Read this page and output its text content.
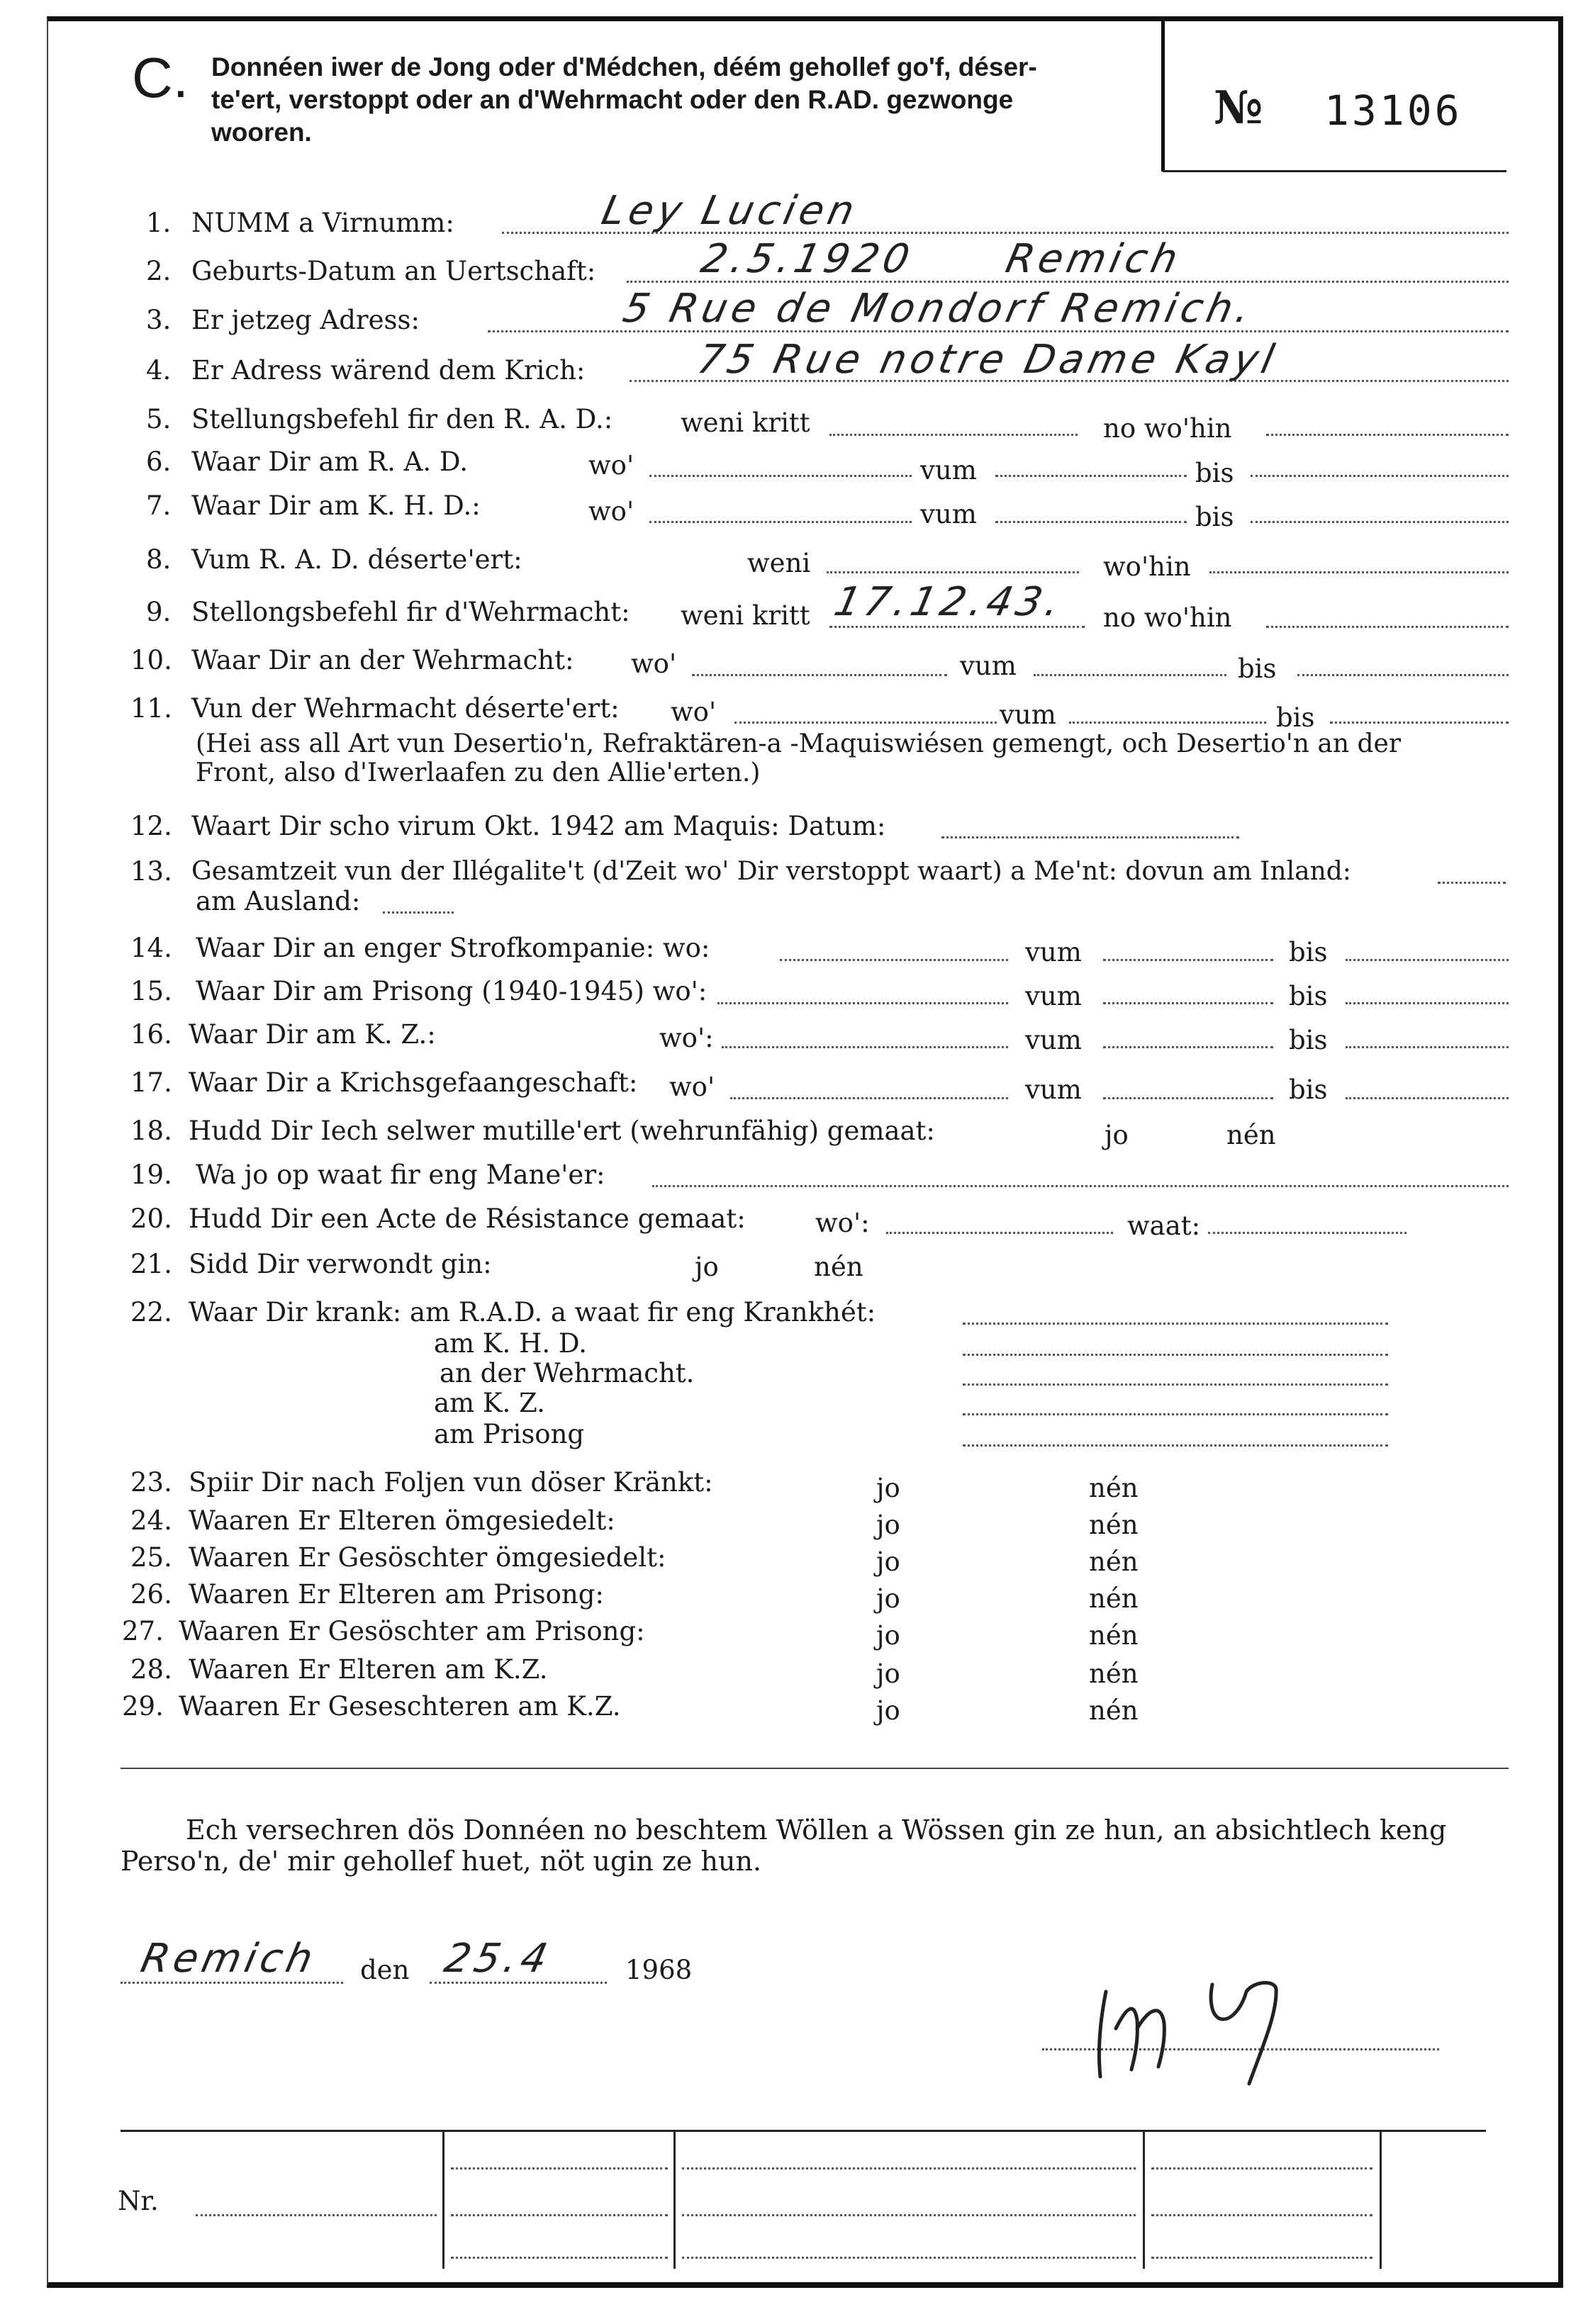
C. Donnéen iwer de Jong oder d'Médchen, déém gehollef go'f, déser-
te'ert, verstoppt oder an d'Wehrmacht oder den R.AD. gezwonge
wooren.	№ 13106
1. NUMM a Virnumm:	Ley Lucien
2. Geburts-Datum an Uertschaft:	2.5.1920 Remich
3. Er jetzeg Adress:	5 Rue de Mondorf Remich.
4. Er Adress wärend dem Krich:	75 Rue notre Dame Kayl
5. Stellungsbefehl fir den R. A. D.:	weni kritt	no wo'hin
6. Waar Dir am R. A. D.	wo'	vum	bis
7. Waar Dir am K. H. D.:	wo'	vum	bis
8. Vum R. A. D. déserte'ert:	weni	wo'hin
9. Stellongsbefehl fir d'Wehrmacht: weni kritt 17.12.43. no wo'hin
10. Waar Dir an der Wehrmacht: wo'	vum	bis
11. Vun der Wehrmacht déserte'ert: wo'	vum	bis
(Hei ass all Art vun Desertio'n, Refraktären-a -Maquiswiésen gemengt, och Desertio'n an der
Front, also d'Iwerlaafen zu den Allie'erten.)
12. Waart Dir scho virum Okt. 1942 am Maquis: Datum:
13. Gesamtzeit vun der Illégalite't (d'Zeit wo' Dir verstoppt waart) a Me'nt: dovun am Inland:
am Ausland:
14. Waar Dir an enger Strofkompanie: wo:	vum	bis
15. Waar Dir am Prisong (1940-1945) wo':	vum	bis
16. Waar Dir am K. Z.:	wo':	vum	bis
17. Waar Dir a Krichsgefaangeschaft: wo'	vum	bis
18. Hudd Dir Iech selwer mutille'ert (wehrunfähig) gemaat:	jo	nén
19. Wa jo op waat fir eng Mane'er:
20. Hudd Dir een Acte de Résistance gemaat:	wo':	waat:
21. Sidd Dir verwondt gin:	jo	nén
22. Waar Dir krank: am R.A.D. a waat fir eng Krankhét:
am K. H. D.
an der Wehrmacht.
am K. Z.
am Prisong
23. Spiir Dir nach Foljen vun döser Kränkt:	jo	nén
24. Waaren Er Elteren ömgesiedelt:	jo	nén
25. Waaren Er Gesöschter ömgesiedelt:	jo	nén
26. Waaren Er Elteren am Prisong:	jo	nén
27. Waaren Er Gesöschter am Prisong:	jo	nén
28. Waaren Er Elteren am K.Z.	jo	nén
29. Waaren Er Geseschteren am K.Z.	jo	nén
Ech versechren dös Donnéen no beschtem Wöllen a Wössen gin ze hun, an absichtlech keng
Perso'n, de' mir gehollef huet, nöt ugin ze hun.
Remich den 25.4	1968
Nr.
